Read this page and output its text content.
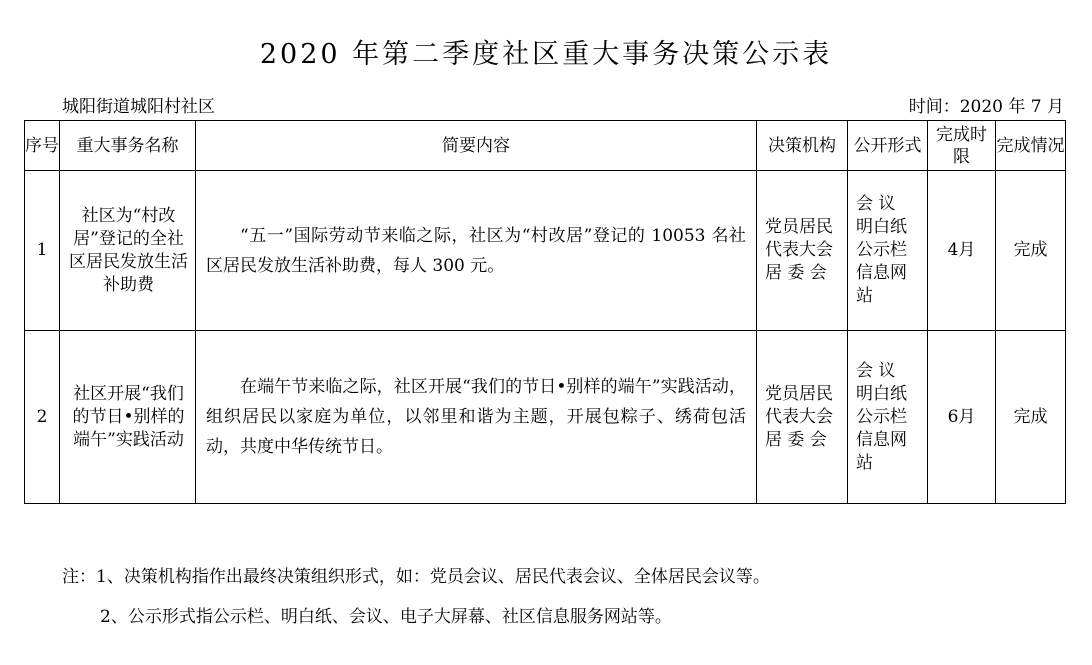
2020 年第二季度社区重大事务决策公示表
城阳街道城阳村社区	时间：2020 年 7 月
序号	重大事务名称	简要内容	决策机构	公开形式	完成时限	完成情况
1	社区为“村改居”登记的全社区居民发放生活补助费	“五一”国际劳动节来临之际，社区为“村改居”登记的 10053 名社区居民发放生活补助费，每人 300 元。	党员居民代表大会居 委 会	会 议
明白纸
公示栏
信息网站	4月	完成
2	社区开展“我们的节日•别样的端午”实践活动	在端午节来临之际，社区开展“我们的节日•别样的端午”实践活动，组织居民以家庭为单位，以邻里和谐为主题，开展包粽子、绣荷包活动，共度中华传统节日。	党员居民代表大会居 委 会	会 议
明白纸
公示栏
信息网站	6月	完成
注：1、决策机构指作出最终决策组织形式，如：党员会议、居民代表会议、全体居民会议等。
2、公示形式指公示栏、明白纸、会议、电子大屏幕、社区信息服务网站等。
